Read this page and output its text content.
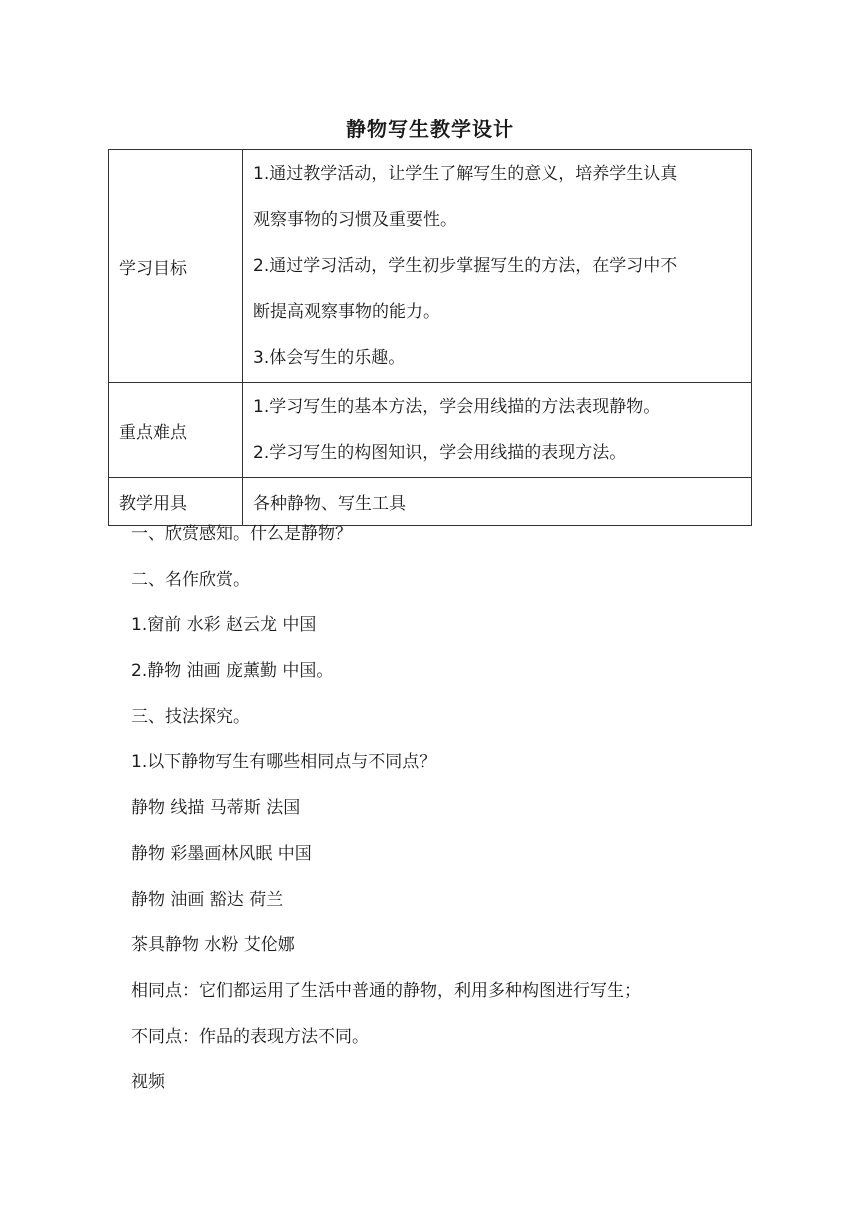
静物写生教学设计
学习目标	1.通过教学活动，让学生了解写生的意义，培养学生认真
观察事物的习惯及重要性。
2.通过学习活动，学生初步掌握写生的方法，在学习中不
断提高观察事物的能力。
3.体会写生的乐趣。

重点难点	1.学习写生的基本方法，学会用线描的方法表现静物。
2.学习写生的构图知识，学会用线描的表现方法。

教学用具	各种静物、写生工具
一、欣赏感知。什么是静物？
二、名作欣赏。
1.窗前 水彩 赵云龙 中国
2.静物 油画 庞薰勤 中国。
三、技法探究。
1.以下静物写生有哪些相同点与不同点？
静物 线描 马蒂斯 法国
静物 彩墨画林风眠 中国
静物 油画 豁达 荷兰
茶具静物 水粉 艾伦娜
相同点：它们都运用了生活中普通的静物，利用多种构图进行写生；
不同点：作品的表现方法不同。
视频
